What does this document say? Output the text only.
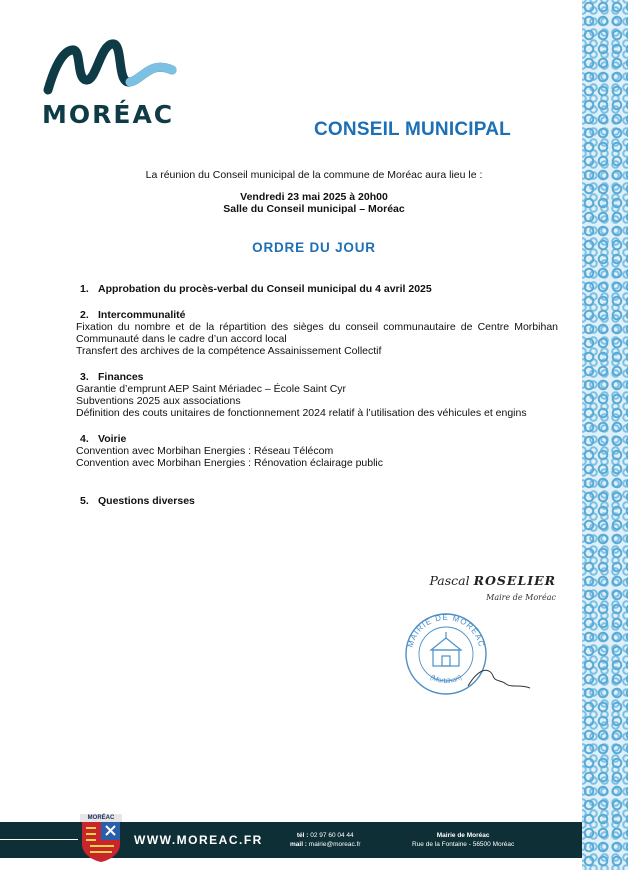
MORÉAC
CONSEIL MUNICIPAL

La réunion du Conseil municipal de la commune de Moréac aura lieu le :

Vendredi 23 mai 2025 à 20h00

Salle du Conseil municipal – Moréac

ORDRE DU JOUR
1. Approbation du procès-verbal du Conseil municipal du 4 avril 2025
2. Intercommunalité
Fixation du nombre et de la répartition des sièges du conseil communautaire de Centre Morbihan Communauté dans le cadre d’un accord local
Transfert des archives de la compétence Assainissement Collectif
3. Finances
Garantie d’emprunt AEP Saint Mériadec – École Saint Cyr
Subventions 2025 aux associations
Définition des couts unitaires de fonctionnement 2024 relatif à l’utilisation des véhicules et engins
4. Voirie
Convention avec Morbihan Energies : Réseau Télécom
Convention avec Morbihan Energies : Rénovation éclairage public
5. Questions diverses

Pascal ROSELIER

Maire de Moréac

MAIRIE DE MORÉAC
(Morbihan)
MORÉAC

WWW.MOREAC.FR	tél : 02 97 60 04 44
mail : mairie@moreac.fr
Mairie de Moréac
Rue de la Fontaine - 56500 Moréac
